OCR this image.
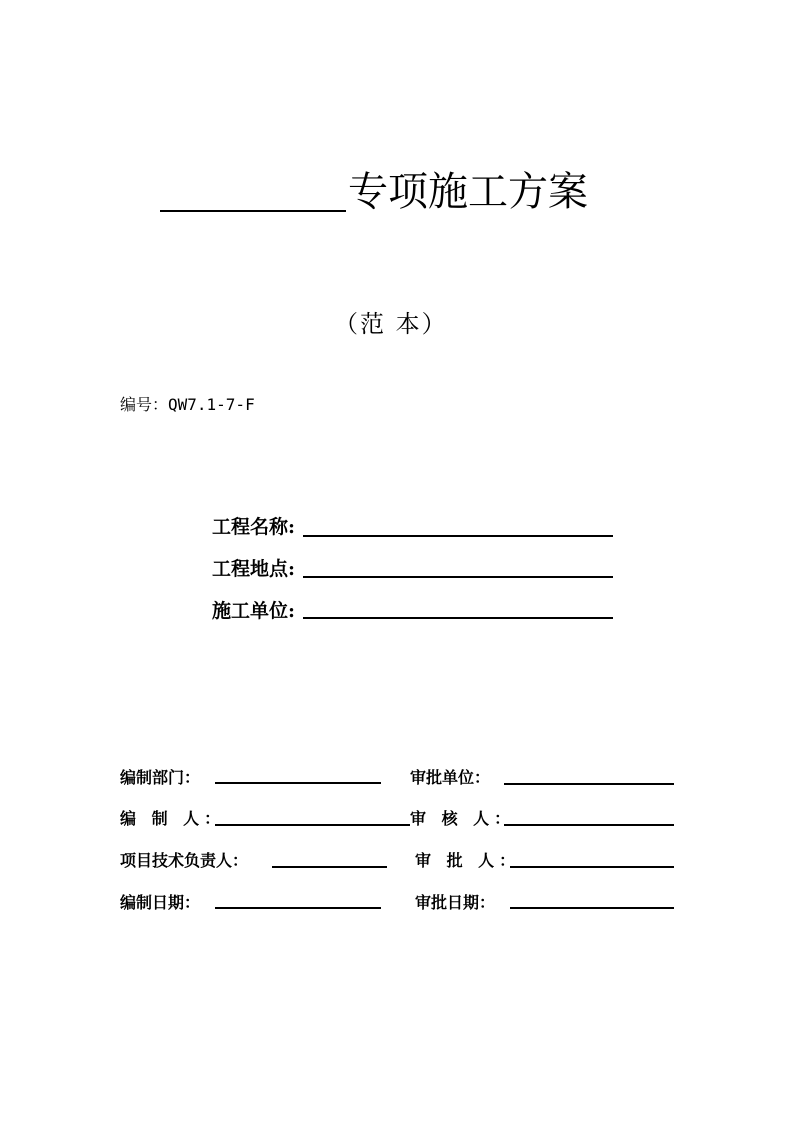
专项施工方案
（范 本）
编号：QW7.1-7-F
工程名称:
工程地点:
施工单位:
编制部门：	审批单位：
编 制 人：	审 核 人：
项目技术负责人：	审 批 人：
编制日期：	审批日期：
